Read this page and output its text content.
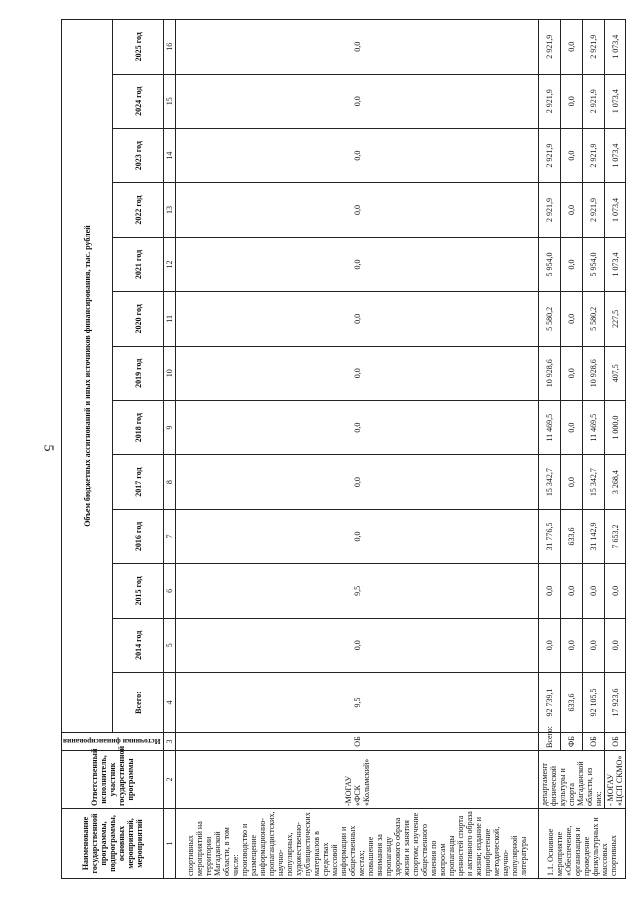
5
Наименование государственной программы, подпрограммы, основных мероприятий, мероприятий	Ответственный исполнитель, участник государственной программы	Источники финансирования	Объем бюджетных ассигнований и иных источников финансирования, тыс. рублей												
			Всего:	2014 год	2015 год	2016 год	2017 год	2018 год	2019 год	2020 год	2021 год	2022 год	2023 год	2024 год	2025 год
1	2	3	4	5	6	7	8	9	10	11	12	13	14	15	16
спортивных мероприятий на территории Магаданской области, в том числе: производство и размещение информационно-пропагандистских, научно-популярных, художественно-публицистических материалов в средствах массовой информации и общественных местах; повышение внимания за пропаганду здорового образа жизни и занятия спортом; изучение общественного мнения по вопросам пропаганды ценностей спорта и активного образа жизни; издание и приобретение методической, научно-популярной литературы	-МОГАУ «ФСК «Колымский»	ОБ	9,5	0,0	9,5	0,0	0,0	0,0	0,0	0,0	0,0	0,0	0,0	0,0	0,0
1.1. Основное мероприятие «Обеспечение, организация и проведение физкультурных и массовых спортивных	департамент физической культуры и спорта Магаданской области, из них:	Всего:	92 739,1	0,0	0,0	31 776,5	15 342,7	11 469,5	10 928,6	5 580,2	5 954,0	2 921,9	2 921,9	2 921,9	2 921,9
		ФБ	633,6	0,0	0,0	633,6	0,0	0,0	0,0	0,0	0,0	0,0	0,0	0,0	0,0
		ОБ	92 105,5	0,0	0,0	31 142,9	15 342,7	11 469,5	10 928,6	5 580,2	5 954,0	2 921,9	2 921,9	2 921,9	2 921,9
	- МОГАУ «ЦСП СКМО»	ОБ	17 923,6	0,0	0,0	7 653,2	3 268,4	1 000,0	407,5	227,5	1 073,4	1 073,4	1 073,4	1 073,4	1 073,4
